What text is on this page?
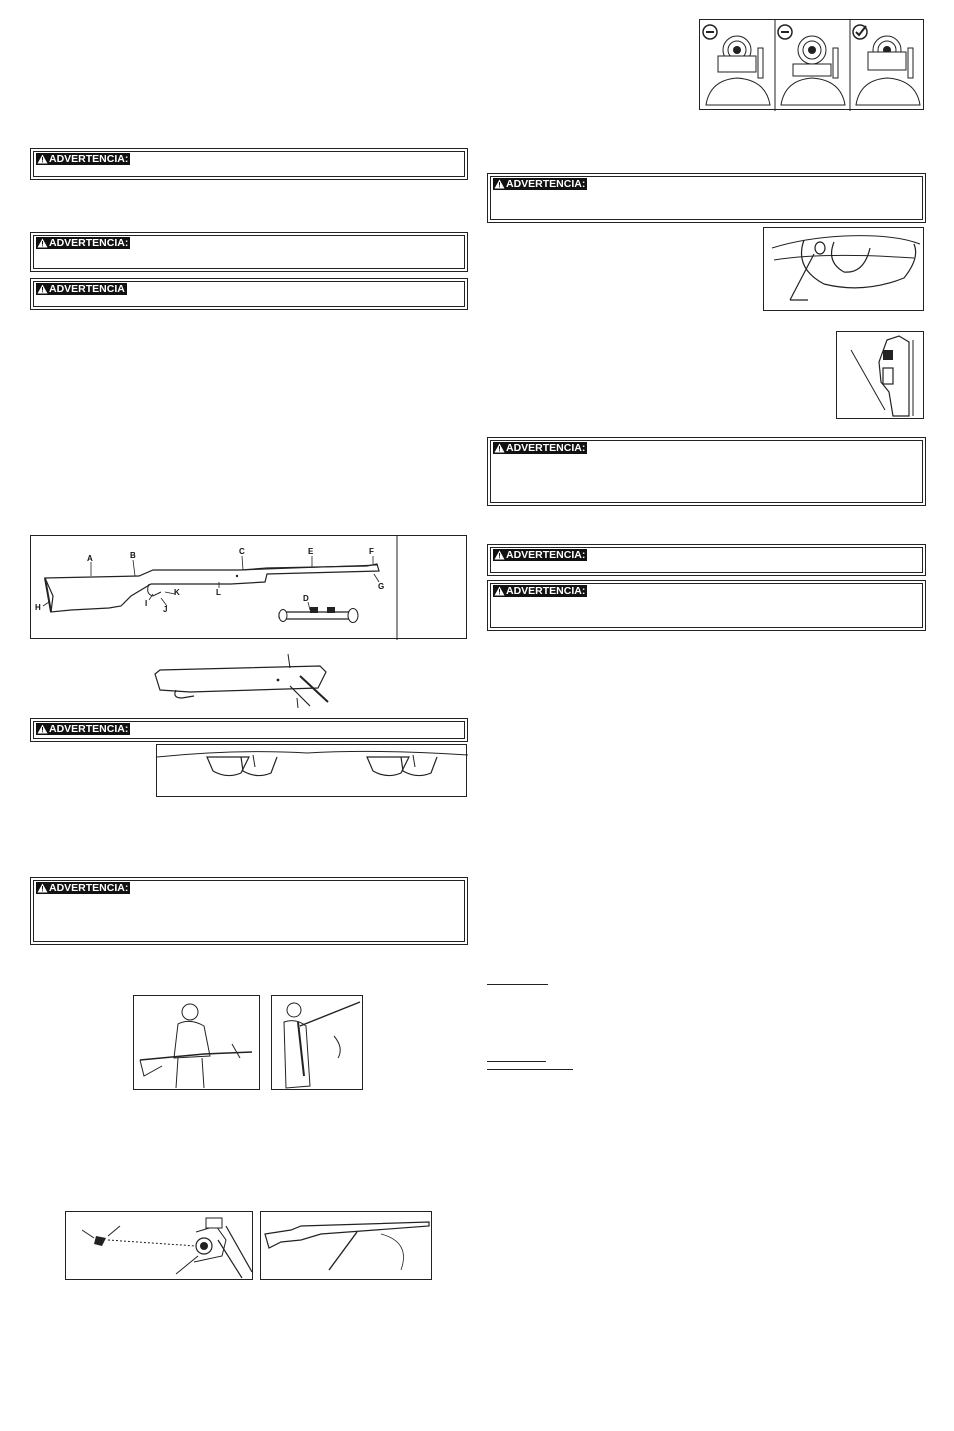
ADVERTENCIA:
ADVERTENCIA:
ADVERTENCIA
A	B	C
D
E	F
G
H	I
J
K	L
ADVERTENCIA:
ADVERTENCIA:
ADVERTENCIA:
ADVERTENCIA:
ADVERTENCIA:
ADVERTENCIA:
